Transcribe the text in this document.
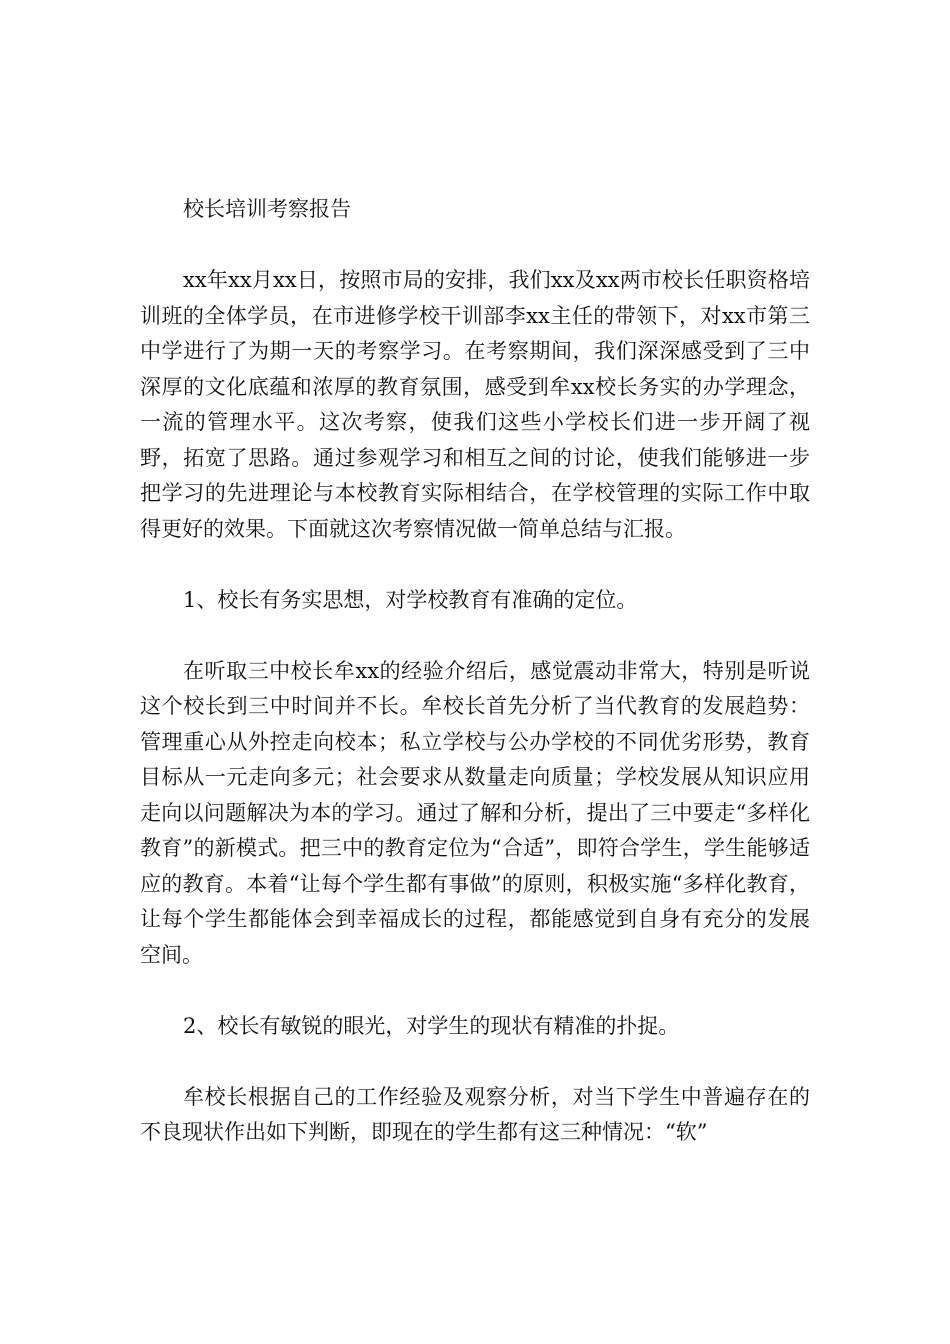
校长培训考察报告

xx年xx月xx日，按照市局的安排，我们xx及xx两市校长任职资格培训班的全体学员，在市进修学校干训部李xx主任的带领下，对xx市第三中学进行了为期一天的考察学习。在考察期间，我们深深感受到了三中深厚的文化底蕴和浓厚的教育氛围，感受到牟xx校长务实的办学理念，一流的管理水平。这次考察，使我们这些小学校长们进一步开阔了视野，拓宽了思路。通过参观学习和相互之间的讨论，使我们能够进一步把学习的先进理论与本校教育实际相结合，在学校管理的实际工作中取得更好的效果。下面就这次考察情况做一简单总结与汇报。

1、校长有务实思想，对学校教育有准确的定位。

在听取三中校长牟xx的经验介绍后，感觉震动非常大，特别是听说这个校长到三中时间并不长。牟校长首先分析了当代教育的发展趋势：管理重心从外控走向校本；私立学校与公办学校的不同优劣形势，教育目标从一元走向多元；社会要求从数量走向质量；学校发展从知识应用走向以问题解决为本的学习。通过了解和分析，提出了三中要走“多样化教育”的新模式。把三中的教育定位为“合适”，即符合学生，学生能够适应的教育。本着“让每个学生都有事做”的原则，积极实施“多样化教育，让每个学生都能体会到幸福成长的过程，都能感觉到自身有充分的发展空间。

2、校长有敏锐的眼光，对学生的现状有精准的扑捉。

牟校长根据自己的工作经验及观察分析，对当下学生中普遍存在的不良现状作出如下判断，即现在的学生都有这三种情况：“软”
